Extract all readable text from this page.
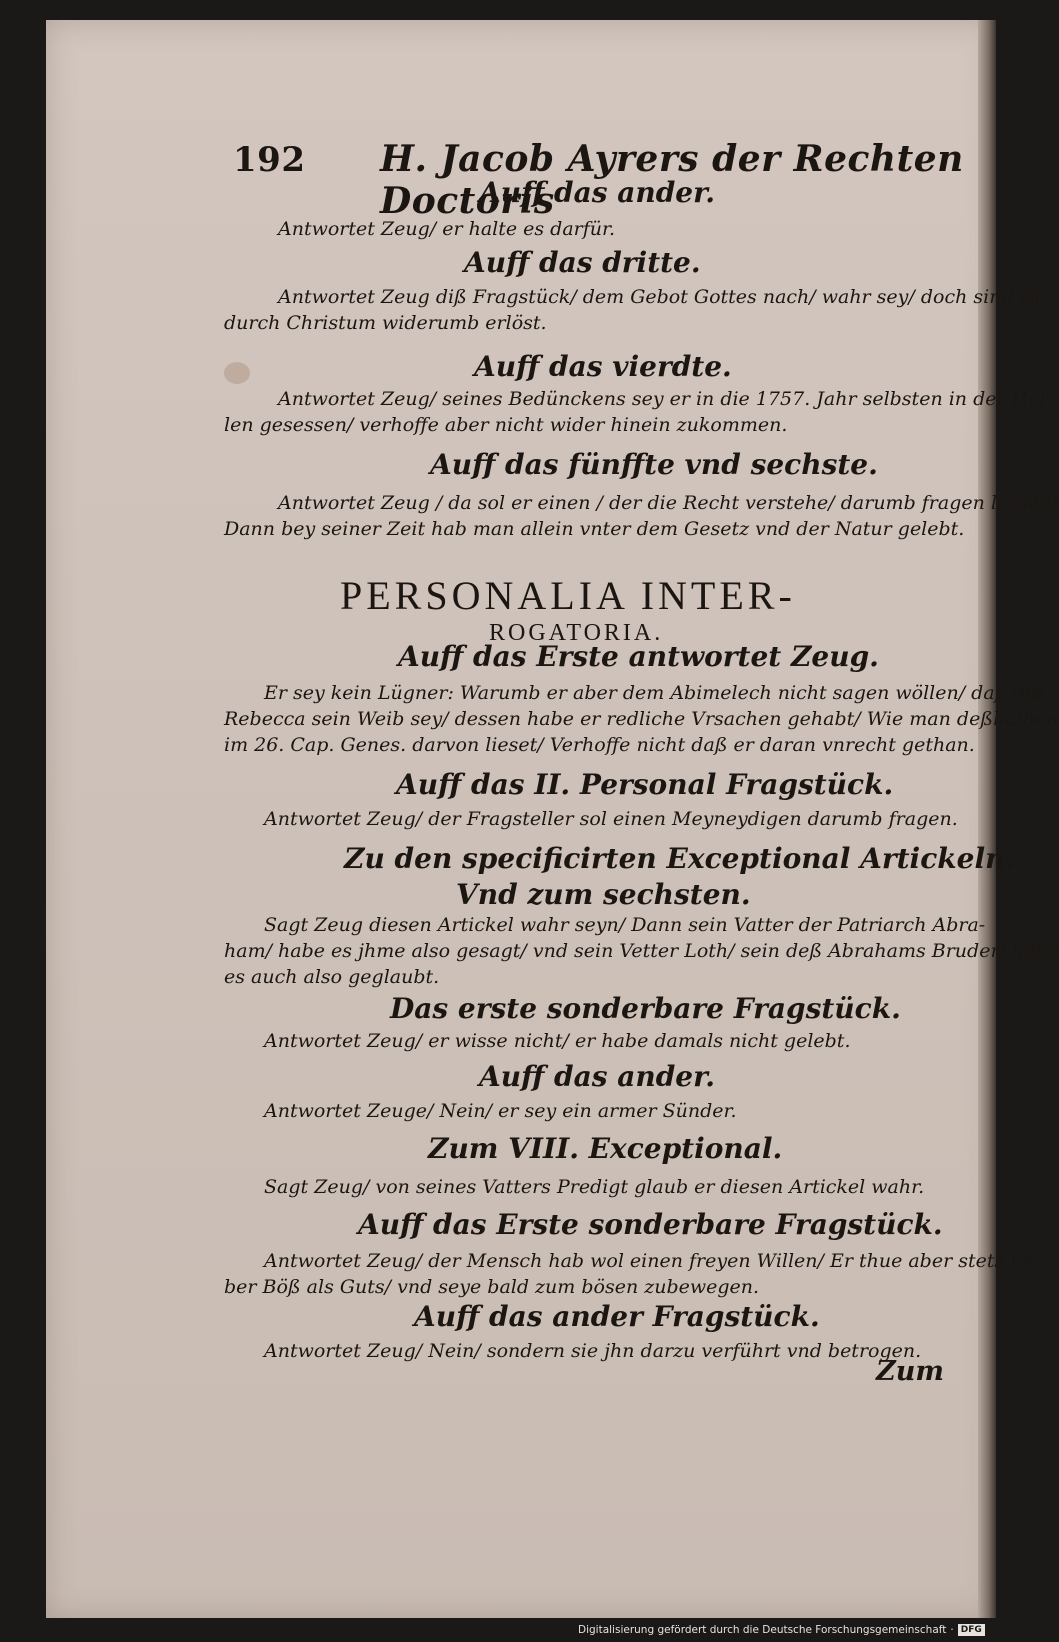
192 H. Jacob Ayrers der Rechten Doctoris
Auff das ander.
Antwortet Zeug/ er halte es darfür.
Auff das dritte.
Antwortet Zeug diß Fragstück/ dem Gebot Gottes nach/ wahr sey/ doch sind sie
durch Christum widerumb erlöst.
Auff das vierdte.
Antwortet Zeug/ seines Bedünckens sey er in die 1757. Jahr selbsten in der Hel-
len gesessen/ verhoffe aber nicht wider hinein zukommen.
Auff das fünffte vnd sechste.
Antwortet Zeug / da sol er einen / der die Recht verstehe/ darumb fragen lassen/
Dann bey seiner Zeit hab man allein vnter dem Gesetz vnd der Natur gelebt.
PERSONALIA INTER-
ROGATORIA.
Auff das Erste antwortet Zeug.
Er sey kein Lügner: Warumb er aber dem Abimelech nicht sagen wöllen/ daß die
Rebecca sein Weib sey/ dessen habe er redliche Vrsachen gehabt/ Wie man deßhalben
im 26. Cap. Genes. darvon lieset/ Verhoffe nicht daß er daran vnrecht gethan.
Auff das II. Personal Fragstück.
Antwortet Zeug/ der Fragsteller sol einen Meyneydigen darumb fragen.
Zu den specificirten Exceptional Artickeln.
Vnd zum sechsten.
Sagt Zeug diesen Artickel wahr seyn/ Dann sein Vatter der Patriarch Abra-
ham/ habe es jhme also gesagt/ vnd sein Vetter Loth/ sein deß Abrahams Bruder/ habe
es auch also geglaubt.
Das erste sonderbare Fragstück.
Antwortet Zeug/ er wisse nicht/ er habe damals nicht gelebt.
Auff das ander.
Antwortet Zeuge/ Nein/ er sey ein armer Sünder.
Zum VIII. Exceptional.
Sagt Zeug/ von seines Vatters Predigt glaub er diesen Artickel wahr.
Auff das Erste sonderbare Fragstück.
Antwortet Zeug/ der Mensch hab wol einen freyen Willen/ Er thue aber stets lie-
ber Böß als Guts/ vnd seye bald zum bösen zubewegen.
Auff das ander Fragstück.
Antwortet Zeug/ Nein/ sondern sie jhn darzu verführt vnd betrogen.
Zum
Digitalisierung gefördert durch die Deutsche Forschungsgemeinschaft · DFG
